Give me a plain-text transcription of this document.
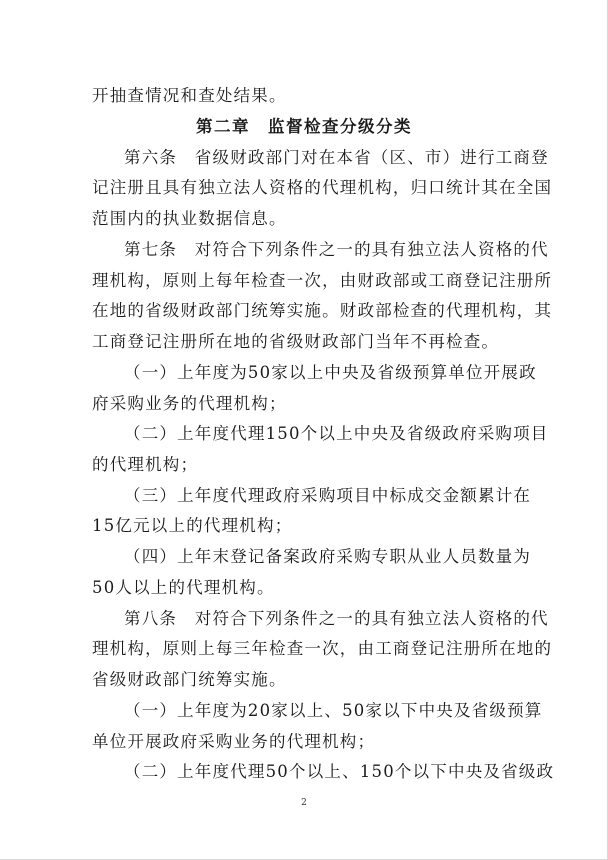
开抽查情况和查处结果。
第二章　监督检查分级分类
第六条　省级财政部门对在本省（区、市）进行工商登
记注册且具有独立法人资格的代理机构，归口统计其在全国
范围内的执业数据信息。
第七条　对符合下列条件之一的具有独立法人资格的代
理机构，原则上每年检查一次，由财政部或工商登记注册所
在地的省级财政部门统筹实施。财政部检查的代理机构，其
工商登记注册所在地的省级财政部门当年不再检查。
（一）上年度为50家以上中央及省级预算单位开展政
府采购业务的代理机构；
（二）上年度代理150个以上中央及省级政府采购项目
的代理机构；
（三）上年度代理政府采购项目中标成交金额累计在
15亿元以上的代理机构；
（四）上年末登记备案政府采购专职从业人员数量为
50人以上的代理机构。
第八条　对符合下列条件之一的具有独立法人资格的代
理机构，原则上每三年检查一次，由工商登记注册所在地的
省级财政部门统筹实施。
（一）上年度为20家以上、50家以下中央及省级预算
单位开展政府采购业务的代理机构；
（二）上年度代理50个以上、150个以下中央及省级政
2
